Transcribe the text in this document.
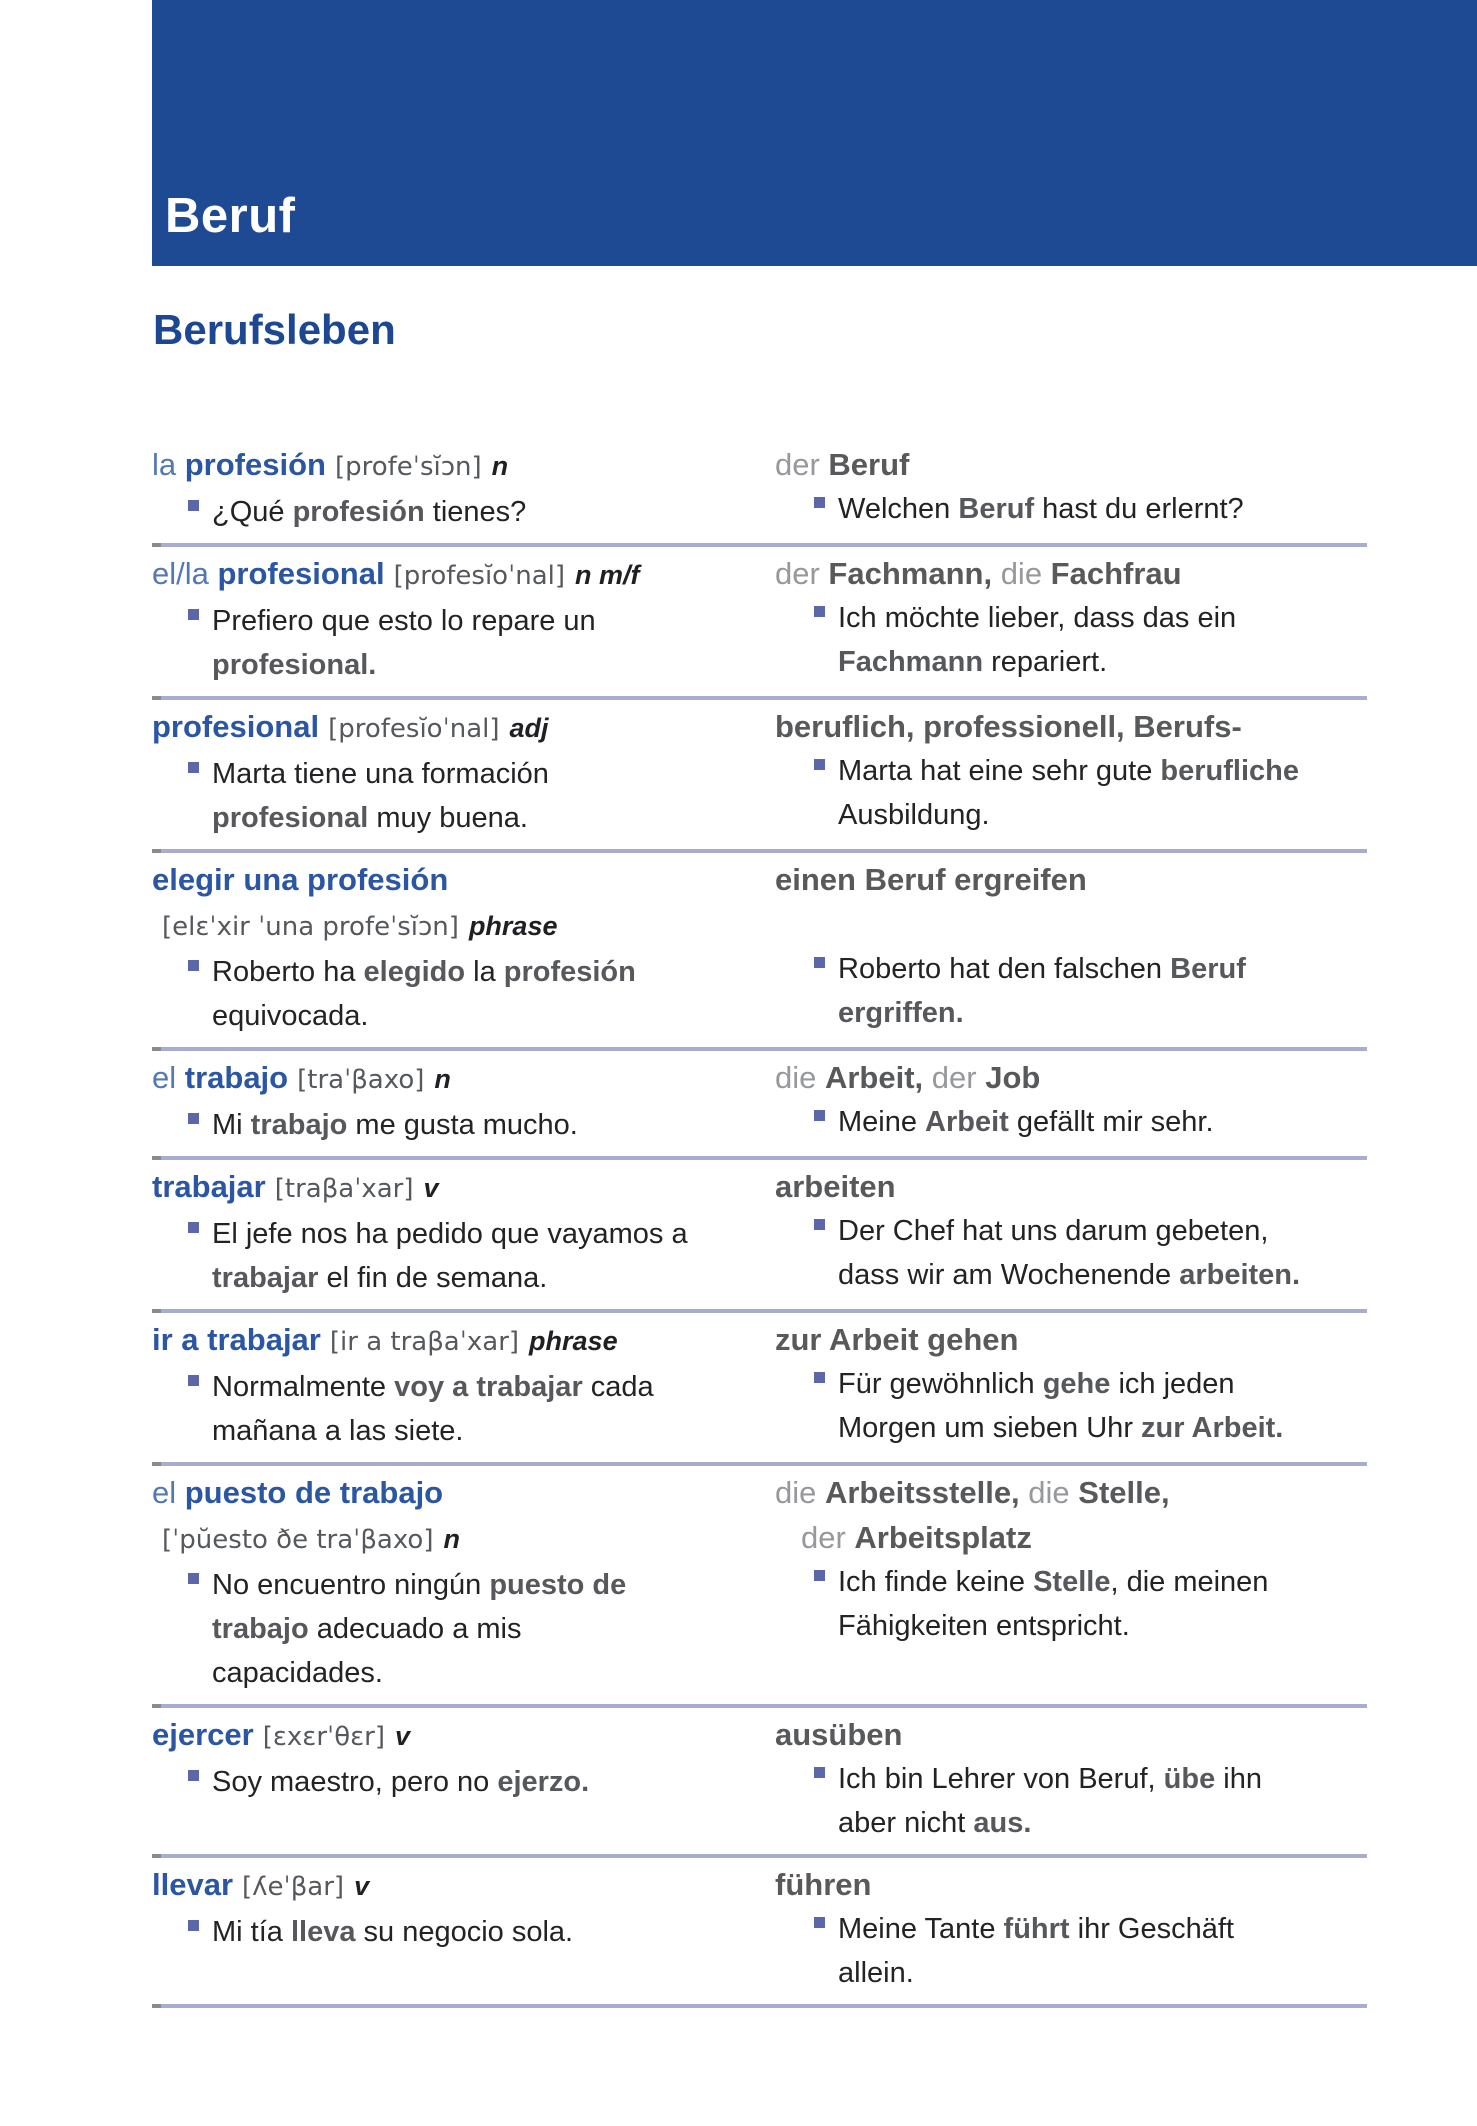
Beruf
Berufsleben
la profesión [profeˈsĭɔn] n
¿Qué profesión tienes?
der Beruf
Welchen Beruf hast du erlernt?
el/la profesional [profesĭoˈnal] n m/f
Prefiero que esto lo repare un
profesional.
der Fachmann, die Fachfrau
Ich möchte lieber, dass das ein
Fachmann repariert.
profesional [profesĭoˈnal] adj
Marta tiene una formación
profesional muy buena.
beruflich, professionell, Berufs-
Marta hat eine sehr gute berufliche
Ausbildung.
elegir una profesión
[elɛˈxir ˈuna profeˈsĭɔn] phrase
Roberto ha elegido la profesión
equivocada.
einen Beruf ergreifen
Roberto hat den falschen Beruf
ergriffen.
el trabajo [traˈβaxo] n
Mi trabajo me gusta mucho.
die Arbeit, der Job
Meine Arbeit gefällt mir sehr.
trabajar [traβaˈxar] v
El jefe nos ha pedido que vayamos a
trabajar el fin de semana.
arbeiten
Der Chef hat uns darum gebeten,
dass wir am Wochenende arbeiten.
ir a trabajar [ir a traβaˈxar] phrase
Normalmente voy a trabajar cada
mañana a las siete.
zur Arbeit gehen
Für gewöhnlich gehe ich jeden
Morgen um sieben Uhr zur Arbeit.
el puesto de trabajo
[ˈpŭesto ðe traˈβaxo] n
No encuentro ningún puesto de
trabajo adecuado a mis
capacidades.
die Arbeitsstelle, die Stelle,
der Arbeitsplatz
Ich finde keine Stelle, die meinen
Fähigkeiten entspricht.
ejercer [ɛxɛrˈθɛr] v
Soy maestro, pero no ejerzo.
ausüben
Ich bin Lehrer von Beruf, übe ihn
aber nicht aus.
llevar [ʎeˈβar] v
Mi tía lleva su negocio sola.
führen
Meine Tante führt ihr Geschäft
allein.
